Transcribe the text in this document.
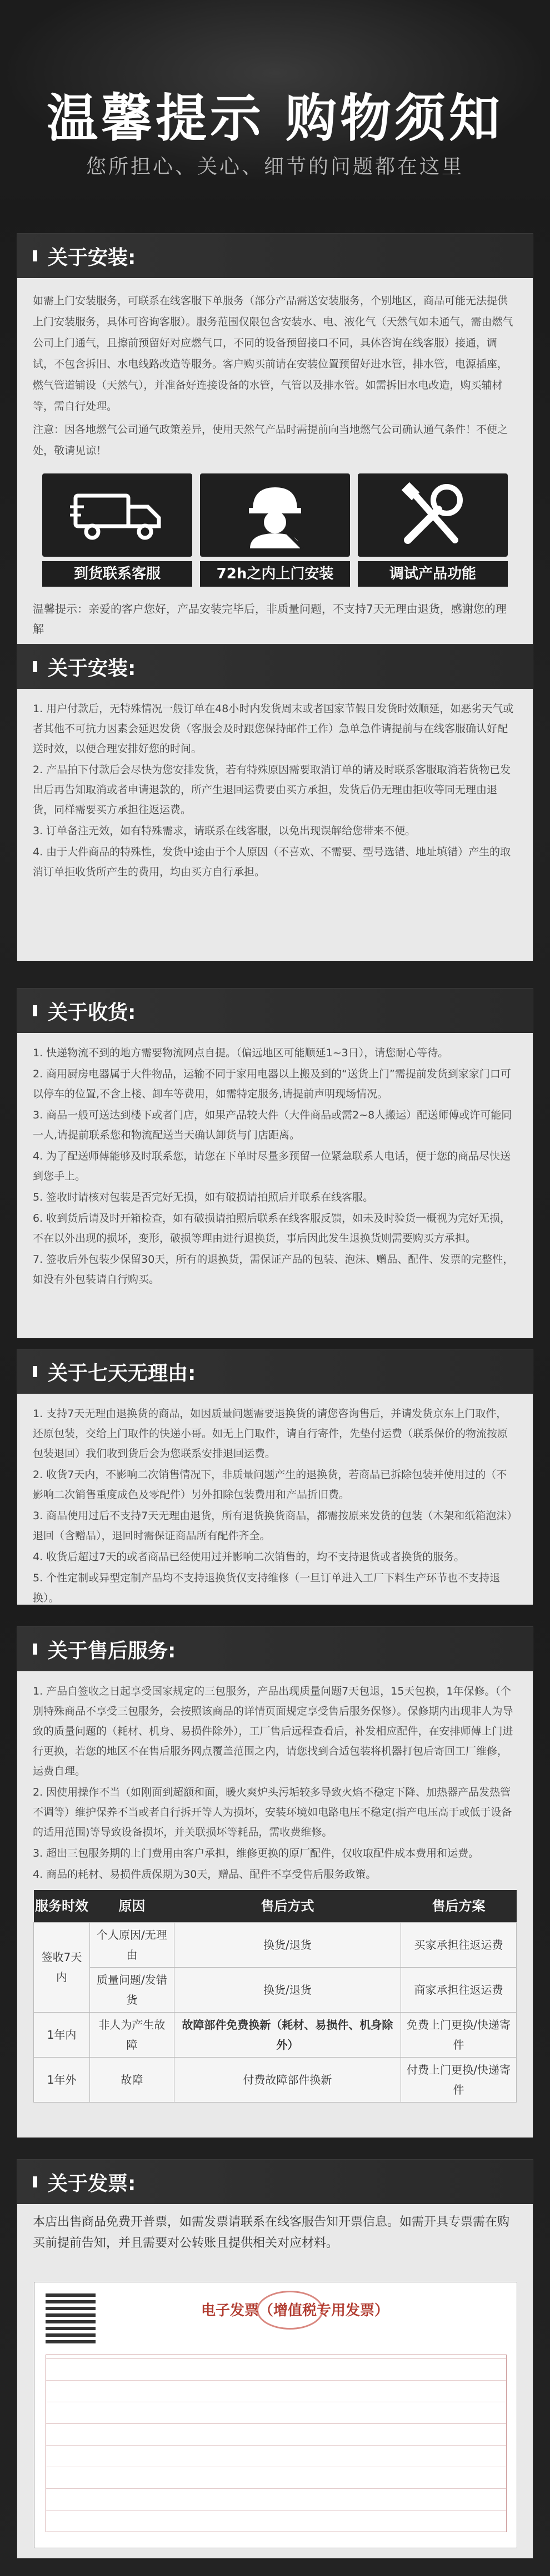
温馨提示 购物须知
您所担心、关心、细节的问题都在这里
关于安装:

如需上门安装服务，可联系在线客服下单服务（部分产品需送安装服务，个别地区，商品可能无法提供上门安装服务，具体可咨询客服）。服务范围仅限包含安装水、电、液化气（天然气如未通气，需由燃气公司上门通气，且擦前预留好对应燃气口，不同的设备预留接口不同，具体咨询在线客服）接通，调试，不包含拆旧、水电线路改造等服务。客户购买前请在安装位置预留好进水管，排水管，电源插座，燃气管道铺设（天然气），并准备好连接设备的水管，气管以及排水管。如需拆旧水电改造，购买辅材等，需自行处理。

注意：因各地燃气公司通气政策差异，使用天然气产品时需提前向当地燃气公司确认通气条件！不便之处，敬请见谅！

到货联系客服	72h之内上门安装	调试产品功能

温馨提示：亲爱的客户您好，产品安装完毕后，非质量问题，不支持7天无理由退货，感谢您的理解

关于安装:

1. 用户付款后，无特殊情况一般订单在48小时内发货周末或者国家节假日发货时效顺延，如恶劣天气或者其他不可抗力因素会延迟发货（客服会及时跟您保持邮件工作）急单急件请提前与在线客服确认好配送时效，以便合理安排好您的时间。

2. 产品拍下付款后会尽快为您安排发货，若有特殊原因需要取消订单的请及时联系客服取消若货物已发出后再告知取消或者申请退款的，所产生退回运费要由买方承担，发货后仍无理由拒收等同无理由退货，同样需要买方承担往返运费。

3. 订单备注无效，如有特殊需求，请联系在线客服，以免出现误解给您带来不便。

4. 由于大件商品的特殊性，发货中途由于个人原因（不喜欢、不需要、型号选错、地址填错）产生的取消订单拒收货所产生的费用，均由买方自行承担。

关于收货:

1. 快递物流不到的地方需要物流网点自提。（偏远地区可能顺延1~3日），请您耐心等待。

2. 商用厨房电器属于大件物品，运输不同于家用电器以上搬及到的“送货上门”需提前发货到家家门口可以停车的位置,不含上楼、卸车等费用，如需特定服务,请提前声明现场情况。

3. 商品一般可送达到楼下或者门店，如果产品较大件（大件商品或需2~8人搬运）配送师傅或许可能同一人,请提前联系您和物流配送当天确认卸货与门店距离。

4. 为了配送师傅能够及时联系您，请您在下单时尽量多预留一位紧急联系人电话，便于您的商品尽快送到您手上。

5. 签收时请核对包装是否完好无损，如有破损请拍照后并联系在线客服。

6. 收到货后请及时开箱检查，如有破损请拍照后联系在线客服反馈，如未及时验货一概视为完好无损，不在以外出现的损坏，变形，破损等理由进行退换货，事后因此发生退换货则需要购买方承担。

7. 签收后外包装少保留30天，所有的退换货，需保证产品的包装、泡沫、赠品、配件、发票的完整性，如没有外包装请自行购买。

关于七天无理由:

1. 支持7天无理由退换货的商品，如因质量问题需要退换货的请您咨询售后，并请发货京东上门取件，还原包装，交给上门取件的快递小哥。如无上门取件，请自行寄件，先垫付运费（联系保价的物流按原包装退回）我们收到货后会为您联系安排退回运费。

2. 收货7天内，不影响二次销售情况下，非质量问题产生的退换货，若商品已拆除包装并使用过的（不影响二次销售重度成色及零配件）另外扣除包装费用和产品折旧费。

3. 商品使用过后不支持7天无理由退货，所有退货换货商品，都需按原来发货的包装（木架和纸箱泡沫）退回（含赠品），退回时需保证商品所有配件齐全。

4. 收货后超过7天的或者商品已经使用过并影响二次销售的，均不支持退货或者换货的服务。

5. 个性定制或异型定制产品均不支持退换货仅支持维修（一旦订单进入工厂下料生产环节也不支持退换）。

关于售后服务:

1. 产品自签收之日起享受国家规定的三包服务，产品出现质量问题7天包退，15天包换，1年保修。（个别特殊商品不享受三包服务，会按照该商品的详情页面规定享受售后服务保修）。保修期内出现非人为导致的质量问题的（耗材、机身、易损件除外），工厂售后远程查看后，补发相应配件，在安排师傅上门进行更换，若您的地区不在售后服务网点覆盖范围之内，请您找到合适包装将机器打包后寄回工厂维修，运费自理。

2. 因使用操作不当（如刚面到超额和面，暖火爽炉头污垢较多导致火焰不稳定下降、加热器产品发热管不调等）维护保养不当或者自行拆开等人为损坏，安装环境如电路电压不稳定(指产电压高于或低于设备的适用范围)等导致设备损坏，并关联损坏等耗品，需收费维修。

3. 超出三包服务期的上门费用由客户承担，维修更换的原厂配件，仅收取配件成本费用和运费。

4. 商品的耗材、易损件质保期为30天，赠品、配件不享受售后服务政策。

服务时效	原因	售后方式	售后方案
签收7天内	个人原因/无理由	换货/退货	买家承担往返运费
	质量问题/发错货	换货/退货	商家承担往返运费
1年内	非人为产生故障	故障部件免费换新（耗材、易损件、机身除外）	免费上门更换/快递寄件
1年外	故障	付费故障部件换新	付费上门更换/快递寄件
关于发票:

本店出售商品免费开普票，如需发票请联系在线客服告知开票信息。如需开具专票需在购买前提前告知，并且需要对公转账且提供相关对应材料。

电子发票（增值税专用发票）
